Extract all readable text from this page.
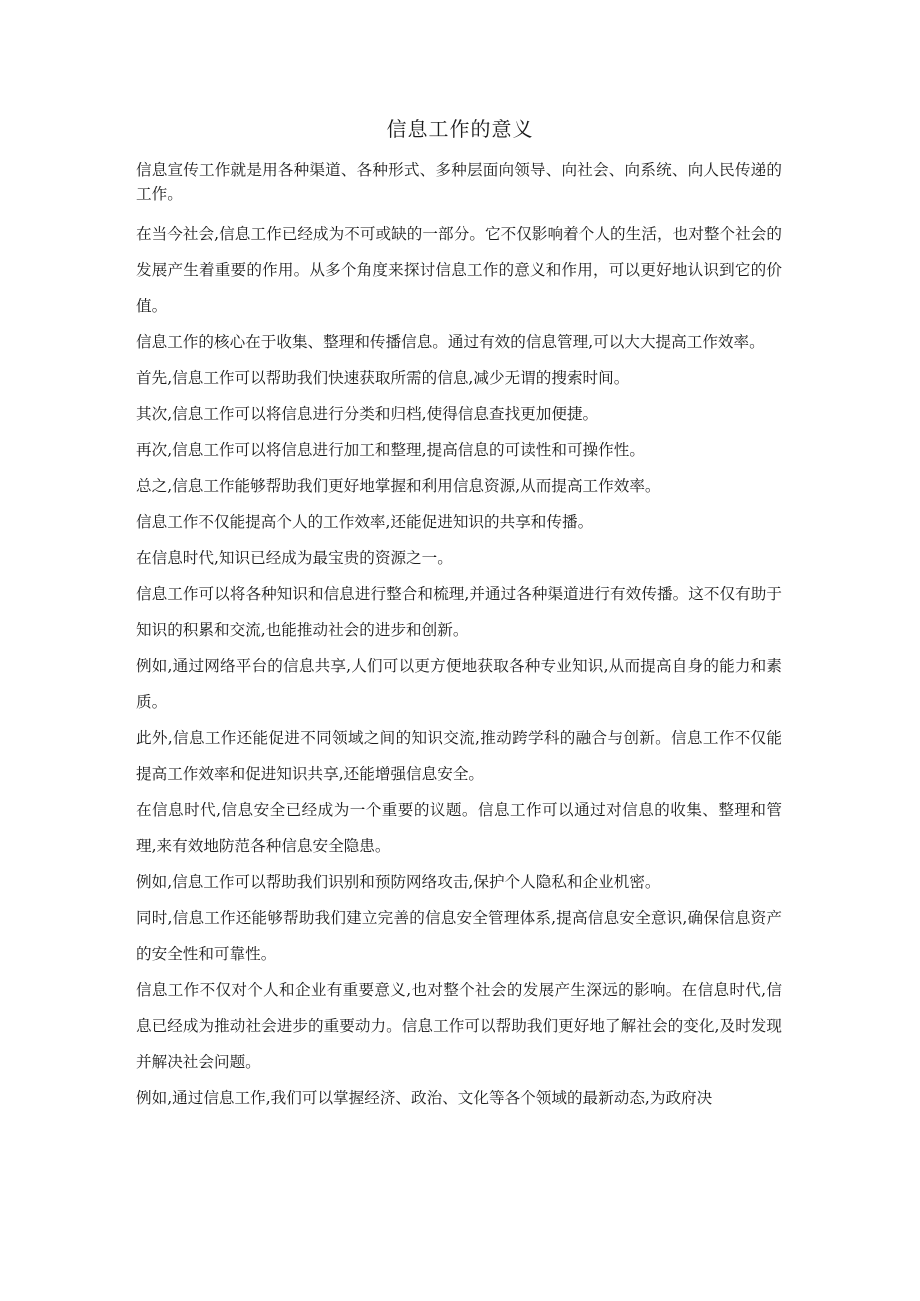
信息工作的意义

信息宣传工作就是用各种渠道、各种形式、多种层面向领导、向社会、向系统、向人民传递的工作。

在当今社会,信息工作已经成为不可或缺的一部分。它不仅影响着个人的生活，也对整个社会的发展产生着重要的作用。从多个角度来探讨信息工作的意义和作用，可以更好地认识到它的价值。

信息工作的核心在于收集、整理和传播信息。通过有效的信息管理,可以大大提高工作效率。

首先,信息工作可以帮助我们快速获取所需的信息,减少无谓的搜索时间。

其次,信息工作可以将信息进行分类和归档,使得信息查找更加便捷。

再次,信息工作可以将信息进行加工和整理,提高信息的可读性和可操作性。

总之,信息工作能够帮助我们更好地掌握和利用信息资源,从而提高工作效率。

信息工作不仅能提高个人的工作效率,还能促进知识的共享和传播。

在信息时代,知识已经成为最宝贵的资源之一。

信息工作可以将各种知识和信息进行整合和梳理,并通过各种渠道进行有效传播。这不仅有助于知识的积累和交流,也能推动社会的进步和创新。

例如,通过网络平台的信息共享,人们可以更方便地获取各种专业知识,从而提高自身的能力和素质。

此外,信息工作还能促进不同领域之间的知识交流,推动跨学科的融合与创新。信息工作不仅能提高工作效率和促进知识共享,还能增强信息安全。

在信息时代,信息安全已经成为一个重要的议题。信息工作可以通过对信息的收集、整理和管理,来有效地防范各种信息安全隐患。

例如,信息工作可以帮助我们识别和预防网络攻击,保护个人隐私和企业机密。

同时,信息工作还能够帮助我们建立完善的信息安全管理体系,提高信息安全意识,确保信息资产的安全性和可靠性。

信息工作不仅对个人和企业有重要意义,也对整个社会的发展产生深远的影响。在信息时代,信息已经成为推动社会进步的重要动力。信息工作可以帮助我们更好地了解社会的变化,及时发现并解决社会问题。

例如,通过信息工作,我们可以掌握经济、政治、文化等各个领域的最新动态,为政府决
